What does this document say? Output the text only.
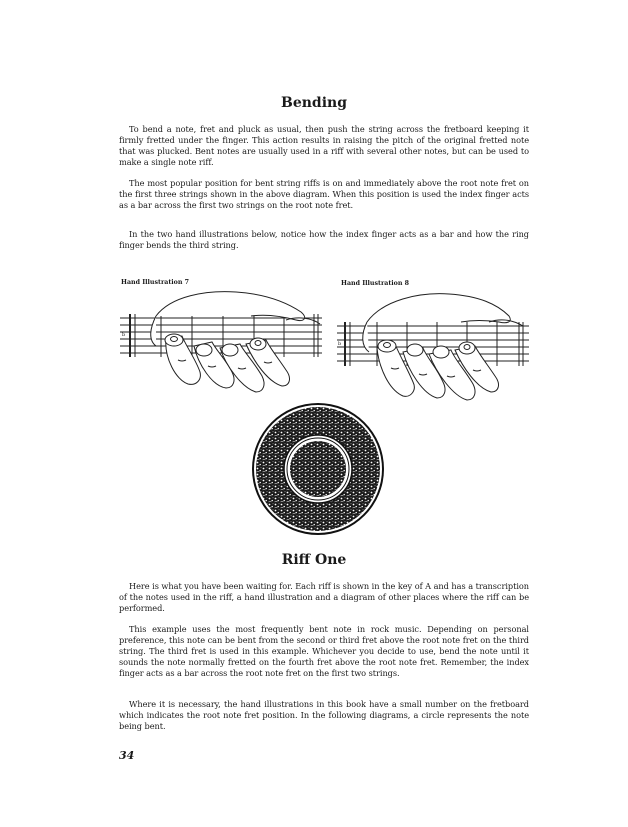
Bending

To bend a note, fret and pluck as usual, then push the string across the fretboard keeping it firmly fretted under the finger. This action results in raising the pitch of the original fretted note that was plucked. Bent notes are usually used in a riff with several other notes, but can be used to make a single note riff.

The most popular position for bent string riffs is on and immediately above the root note fret on the first three strings shown in the above diagram. When this position is used the index finger acts as a bar across the first two strings on the root note fret.

In the two hand illustrations below, notice how the index finger acts as a bar and how the ring finger bends the third string.

Hand Illustration 7	Hand Illustration 8
b
b
Riff One

Here is what you have been waiting for. Each riff is shown in the key of A and has a transcription of the notes used in the riff, a hand illustration and a diagram of other places where the riff can be performed.

This example uses the most frequently bent note in rock music. Depending on personal preference, this note can be bent from the second or third fret above the root note fret on the third string. The third fret is used in this example. Whichever you decide to use, bend the note until it sounds the note normally fretted on the fourth fret above the root note fret. Remember, the index finger acts as a bar across the root note fret on the first two strings.

Where it is necessary, the hand illustrations in this book have a small number on the fretboard which indicates the root note fret position. In the following diagrams, a circle represents the note being bent.

34
